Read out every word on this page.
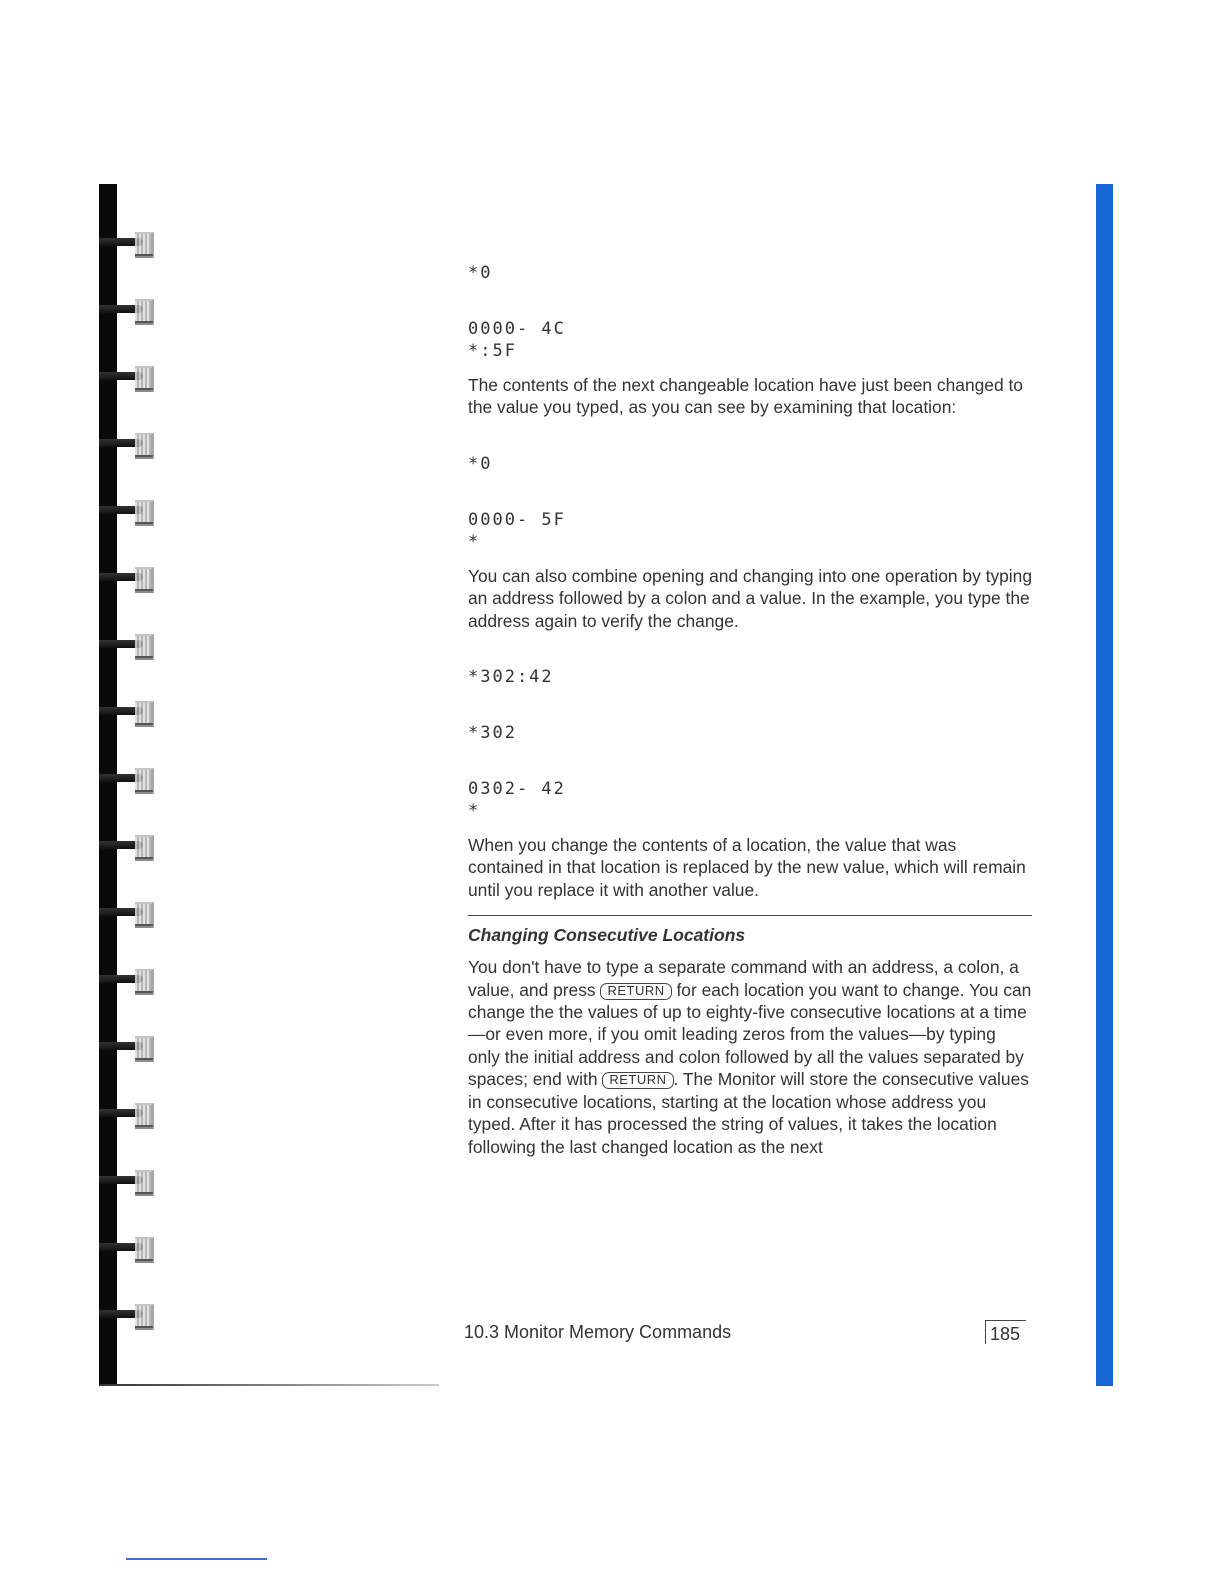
*0
0000- 4C
*:5F

The contents of the next changeable location have just been changed to the value you typed, as you can see by examining that location:

*0
0000- 5F
*

You can also combine opening and changing into one operation by typing an address followed by a colon and a value. In the example, you type the address again to verify the change.

*302:42
*302
0302- 42
*

When you change the contents of a location, the value that was contained in that location is replaced by the new value, which will remain until you replace it with another value.

Changing Consecutive Locations

You don't have to type a separate command with an address, a colon, a value, and press RETURN for each location you want to change. You can change the the values of up to eighty-five consecutive locations at a time—or even more, if you omit leading zeros from the values—by typing only the initial address and colon followed by all the values separated by spaces; end with RETURN . The Monitor will store the consecutive values in consecutive locations, starting at the location whose address you typed. After it has processed the string of values, it takes the location following the last changed location as the next

10.3 Monitor Memory Commands	185
